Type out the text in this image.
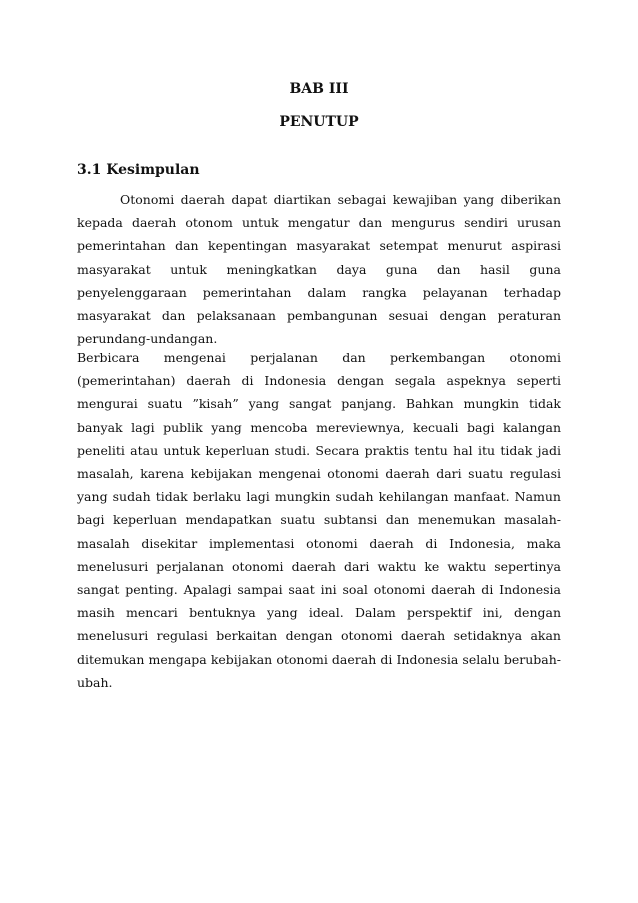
BAB III
PENUTUP
3.1 Kesimpulan

Otonomi daerah dapat diartikan sebagai kewajiban yang diberikan kepada daerah otonom untuk mengatur dan mengurus sendiri urusan pemerintahan dan kepentingan masyarakat setempat menurut aspirasi masyarakat untuk meningkatkan daya guna dan hasil guna penyelenggaraan pemerintahan dalam rangka pelayanan terhadap masyarakat dan pelaksanaan pembangunan sesuai dengan peraturan perundang-undangan.

Berbicara mengenai perjalanan dan perkembangan otonomi (pemerintahan) daerah di Indonesia dengan segala aspeknya seperti mengurai suatu ”kisah” yang sangat panjang. Bahkan mungkin tidak banyak lagi publik yang mencoba mereviewnya, kecuali bagi kalangan peneliti atau untuk keperluan studi. Secara praktis tentu hal itu tidak jadi masalah, karena kebijakan mengenai otonomi daerah dari suatu regulasi yang sudah tidak berlaku lagi mungkin sudah kehilangan manfaat. Namun bagi keperluan mendapatkan suatu subtansi dan menemukan masalah-masalah disekitar implementasi otonomi daerah di Indonesia, maka menelusuri perjalanan otonomi daerah dari waktu ke waktu sepertinya sangat penting. Apalagi sampai saat ini soal otonomi daerah di Indonesia masih mencari bentuknya yang ideal. Dalam perspektif ini, dengan menelusuri regulasi berkaitan dengan otonomi daerah setidaknya akan ditemukan mengapa kebijakan otonomi daerah di Indonesia selalu berubah-ubah.
